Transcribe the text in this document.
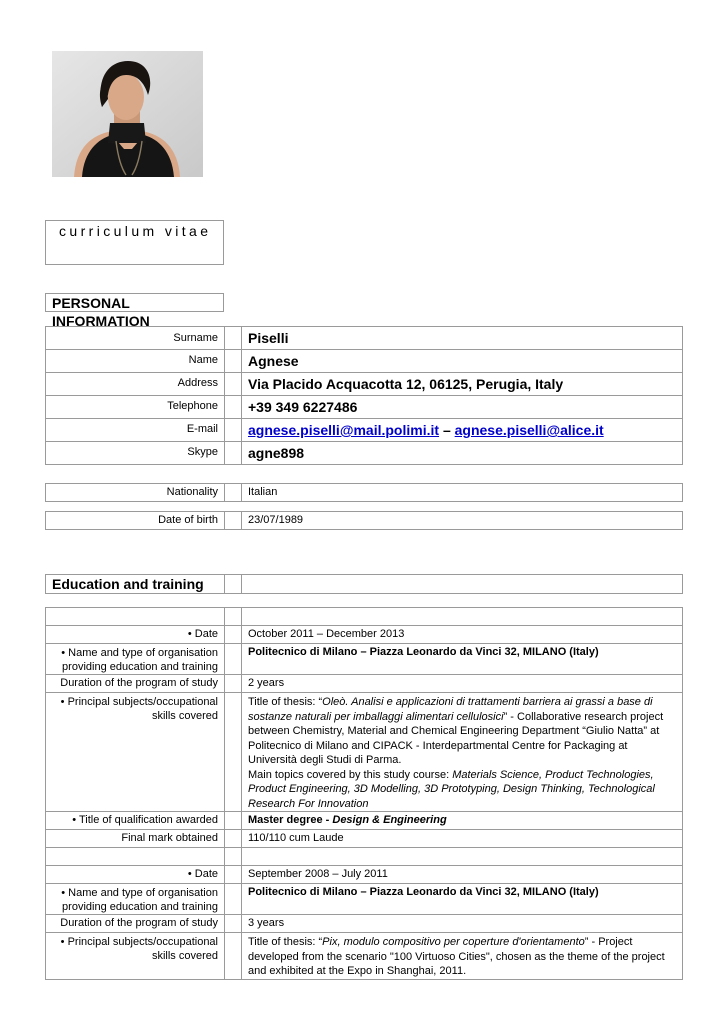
curriculum vitae
PERSONAL INFORMATION
Surname		Piselli
Name		Agnese
Address		Via Placido Acquacotta 12, 06125, Perugia, Italy
Telephone		+39 349 6227486
E-mail		agnese.piselli@mail.polimi.it – agnese.piselli@alice.it
Skype		agne898
Nationality		Italian
Date of birth		23/07/1989
Education and training		

• Date		October 2011 – December 2013
• Name and type of organisation providing education and training		Politecnico di Milano – Piazza Leonardo da Vinci 32, MILANO (Italy)
Duration of the program of study		2 years
• Principal subjects/occupational skills covered		Title of thesis: “Oleò. Analisi e applicazioni di trattamenti barriera ai grassi a base di sostanze naturali per imballaggi alimentari cellulosici” - Collaborative research project between Chemistry, Material and Chemical Engineering Department “Giulio Natta” at Politecnico di Milano and CIPACK - Interdepartmental Centre for Packaging at Università degli Studi di Parma.
Main topics covered by this study course: Materials Science, Product Technologies, Product Engineering, 3D Modelling, 3D Prototyping, Design Thinking, Technological Research For Innovation
• Title of qualification awarded		Master degree - Design & Engineering
Final mark obtained		110/110 cum Laude

• Date		September 2008 – July 2011
• Name and type of organisation providing education and training		Politecnico di Milano – Piazza Leonardo da Vinci 32, MILANO (Italy)
Duration of the program of study		3 years
• Principal subjects/occupational skills covered		Title of thesis: “Pix, modulo compositivo per coperture d'orientamento” - Project developed from the scenario "100 Virtuoso Cities", chosen as the theme of the project and exhibited at the Expo in Shanghai, 2011.
